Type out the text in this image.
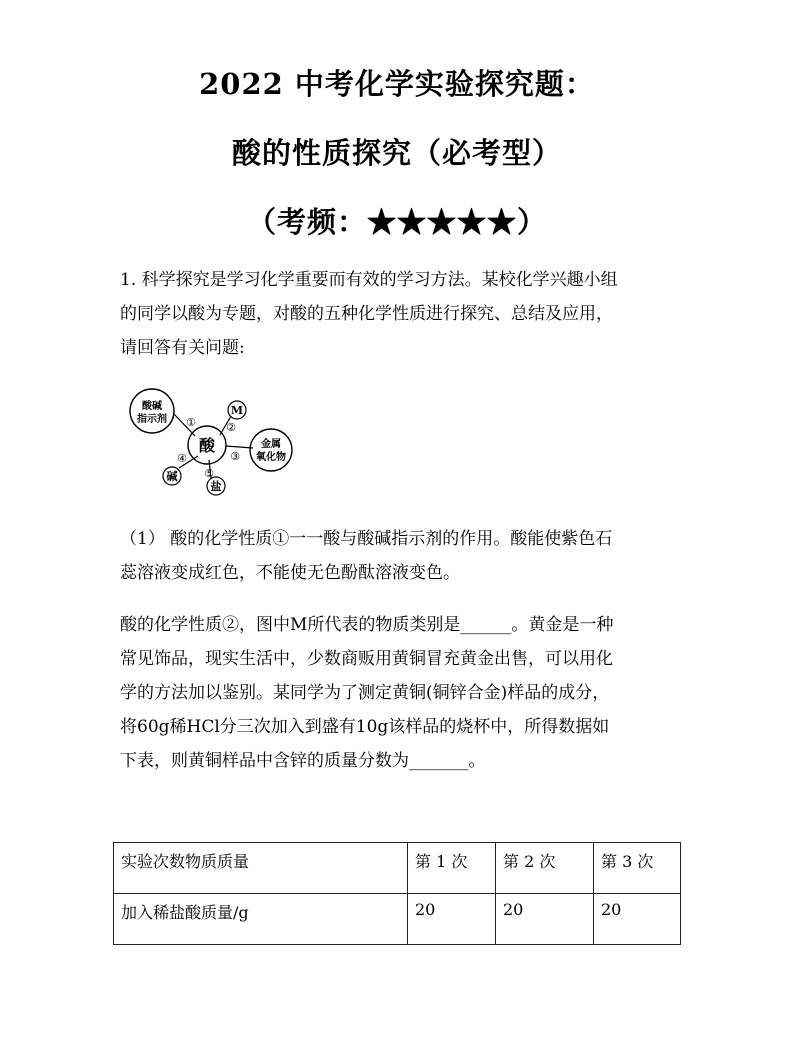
2022 中考化学实验探究题：
酸的性质探究（必考型）
（考频：★★★★★）
1. 科学探究是学习化学重要而有效的学习方法。某校化学兴趣小组
的同学以酸为专题，对酸的五种化学性质进行探究、总结及应用，
请回答有关问题:
酸
酸碱
指示剂
M
金属
氧化物
盐
碱
①	②
③
④
⑤
（1） 酸的化学性质①一一酸与酸碱指示剂的作用。酸能使紫色石
蕊溶液变成红色，不能使无色酚酞溶液变色。
酸的化学性质②，图中M所代表的物质类别是______。黄金是一种
常见饰品，现实生活中，少数商贩用黄铜冒充黄金出售，可以用化
学的方法加以鉴别。某同学为了测定黄铜(铜锌合金)样品的成分，
将60g稀HCl分三次加入到盛有10g该样品的烧杯中，所得数据如
下表，则黄铜样品中含锌的质量分数为_______。
实验次数物质质量	第 1 次	第 2 次	第 3 次
加入稀盐酸质量/g	20	20	20
